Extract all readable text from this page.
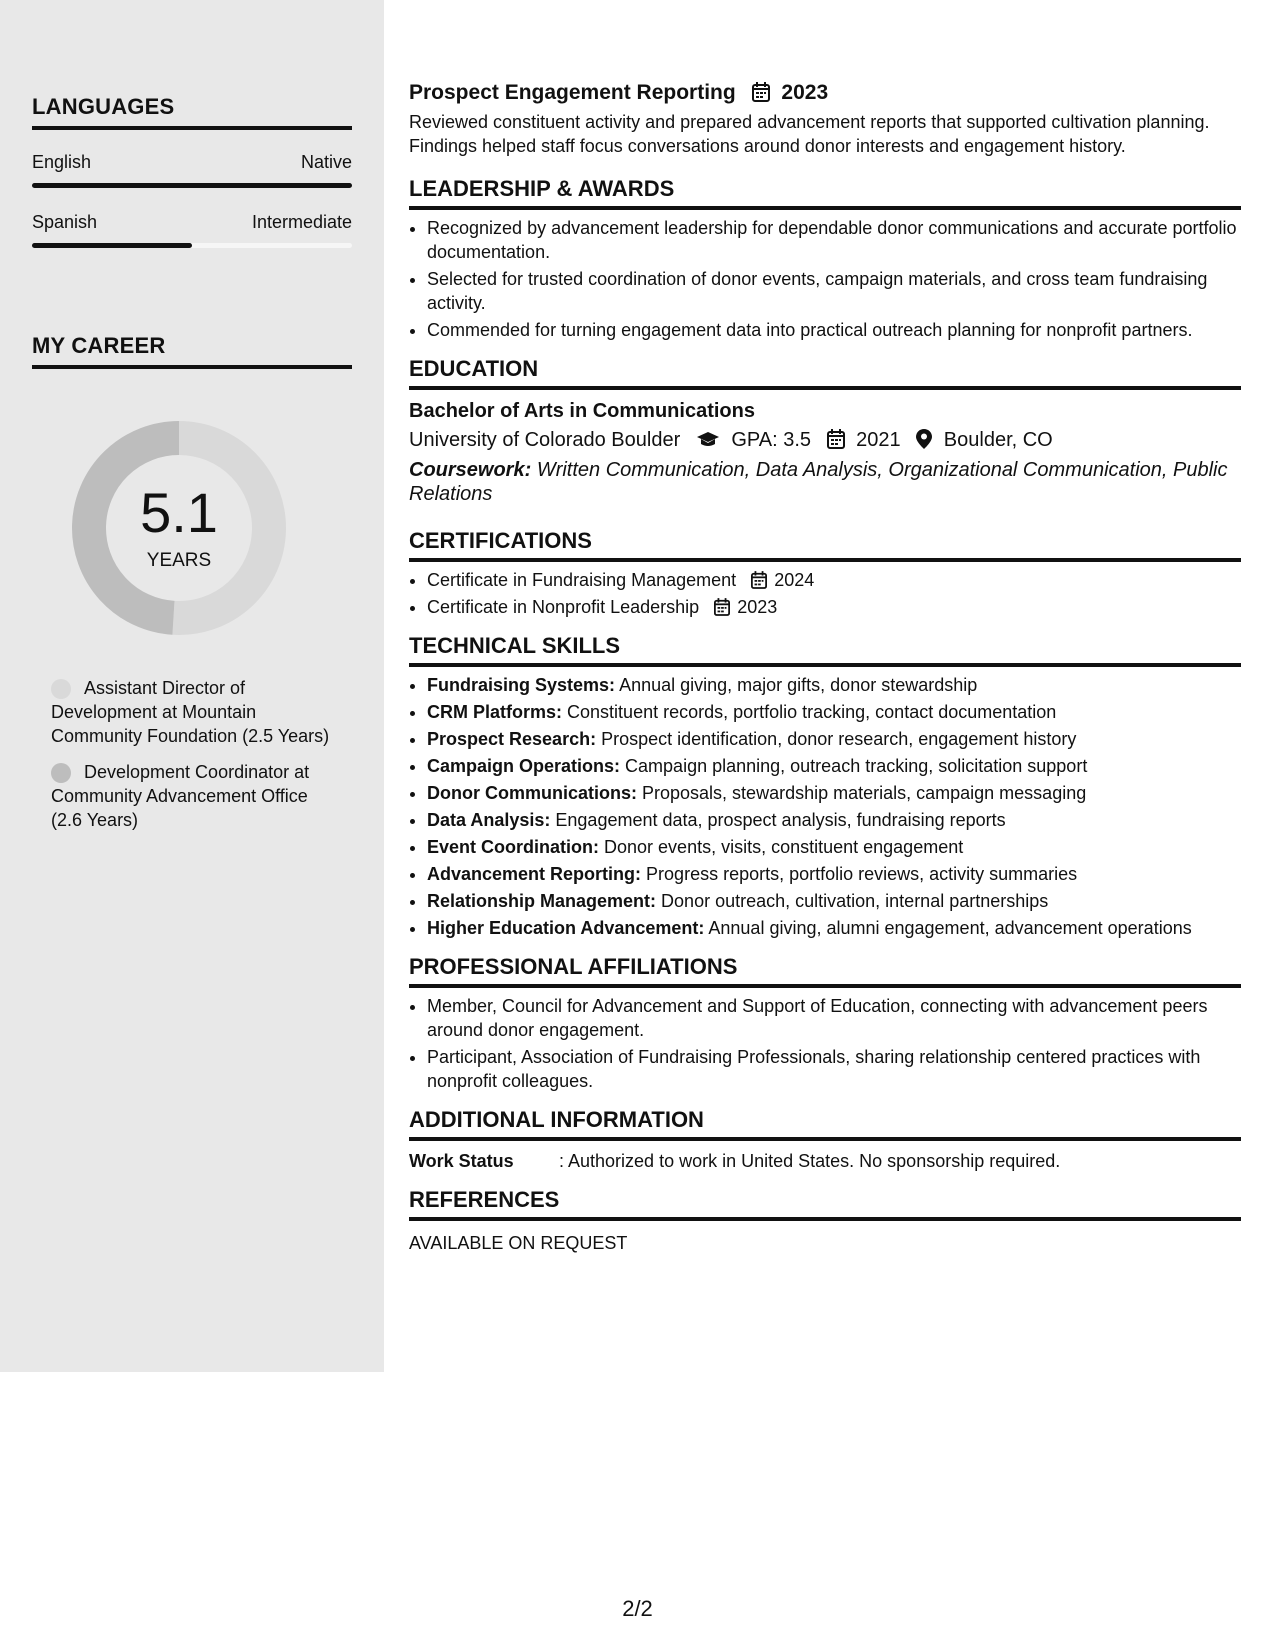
LANGUAGES
English	Native
Spanish	Intermediate
MY CAREER
5.1
YEARS
Assistant Director of Development at Mountain Community Foundation (2.5 Years)
Development Coordinator at Community Advancement Office (2.6 Years)
Prospect Engagement Reporting 2023
Reviewed constituent activity and prepared advancement reports that supported cultivation planning. Findings helped staff focus conversations around donor interests and engagement history.
LEADERSHIP & AWARDS
• Recognized by advancement leadership for dependable donor communications and accurate portfolio documentation.
• Selected for trusted coordination of donor events, campaign materials, and cross team fundraising activity.
• Commended for turning engagement data into practical outreach planning for nonprofit partners.
EDUCATION
Bachelor of Arts in Communications
University of Colorado Boulder	GPA: 3.5 2021 Boulder, CO
Coursework: Written Communication, Data Analysis, Organizational Communication, Public Relations
CERTIFICATIONS
• Certificate in Fundraising Management 2024
• Certificate in Nonprofit Leadership 2023
TECHNICAL SKILLS
• Fundraising Systems: Annual giving, major gifts, donor stewardship
• CRM Platforms: Constituent records, portfolio tracking, contact documentation
• Prospect Research: Prospect identification, donor research, engagement history
• Campaign Operations: Campaign planning, outreach tracking, solicitation support
• Donor Communications: Proposals, stewardship materials, campaign messaging
• Data Analysis: Engagement data, prospect analysis, fundraising reports
• Event Coordination: Donor events, visits, constituent engagement
• Advancement Reporting: Progress reports, portfolio reviews, activity summaries
• Relationship Management: Donor outreach, cultivation, internal partnerships
• Higher Education Advancement: Annual giving, alumni engagement, advancement operations
PROFESSIONAL AFFILIATIONS
• Member, Council for Advancement and Support of Education, connecting with advancement peers around donor engagement.
• Participant, Association of Fundraising Professionals, sharing relationship centered practices with nonprofit colleagues.
ADDITIONAL INFORMATION
Work Status	: Authorized to work in United States. No sponsorship required.
REFERENCES
AVAILABLE ON REQUEST
2/2
